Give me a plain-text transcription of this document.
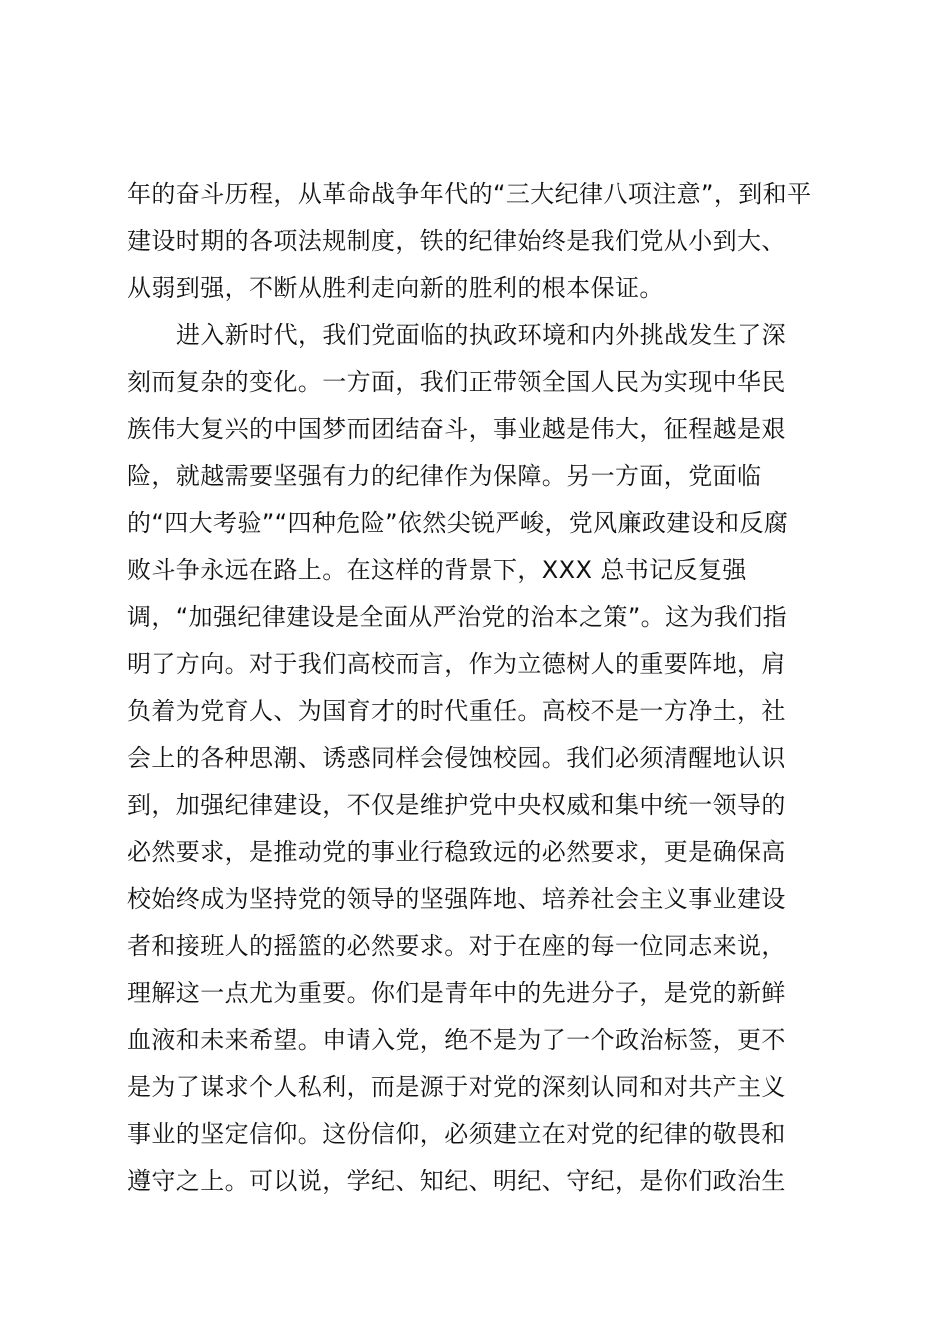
年的奋斗历程，从革命战争年代的“三大纪律八项注意”，到和平
建设时期的各项法规制度，铁的纪律始终是我们党从小到大、
从弱到强，不断从胜利走向新的胜利的根本保证。
进入新时代，我们党面临的执政环境和内外挑战发生了深
刻而复杂的变化。一方面，我们正带领全国人民为实现中华民
族伟大复兴的中国梦而团结奋斗，事业越是伟大，征程越是艰
险，就越需要坚强有力的纪律作为保障。另一方面，党面临
的“四大考验”“四种危险”依然尖锐严峻，党风廉政建设和反腐
败斗争永远在路上。在这样的背景下，XXX 总书记反复强
调，“加强纪律建设是全面从严治党的治本之策”。这为我们指
明了方向。对于我们高校而言，作为立德树人的重要阵地，肩
负着为党育人、为国育才的时代重任。高校不是一方净土，社
会上的各种思潮、诱惑同样会侵蚀校园。我们必须清醒地认识
到，加强纪律建设，不仅是维护党中央权威和集中统一领导的
必然要求，是推动党的事业行稳致远的必然要求，更是确保高
校始终成为坚持党的领导的坚强阵地、培养社会主义事业建设
者和接班人的摇篮的必然要求。对于在座的每一位同志来说，
理解这一点尤为重要。你们是青年中的先进分子，是党的新鲜
血液和未来希望。申请入党，绝不是为了一个政治标签，更不
是为了谋求个人私利，而是源于对党的深刻认同和对共产主义
事业的坚定信仰。这份信仰，必须建立在对党的纪律的敬畏和
遵守之上。可以说，学纪、知纪、明纪、守纪，是你们政治生
